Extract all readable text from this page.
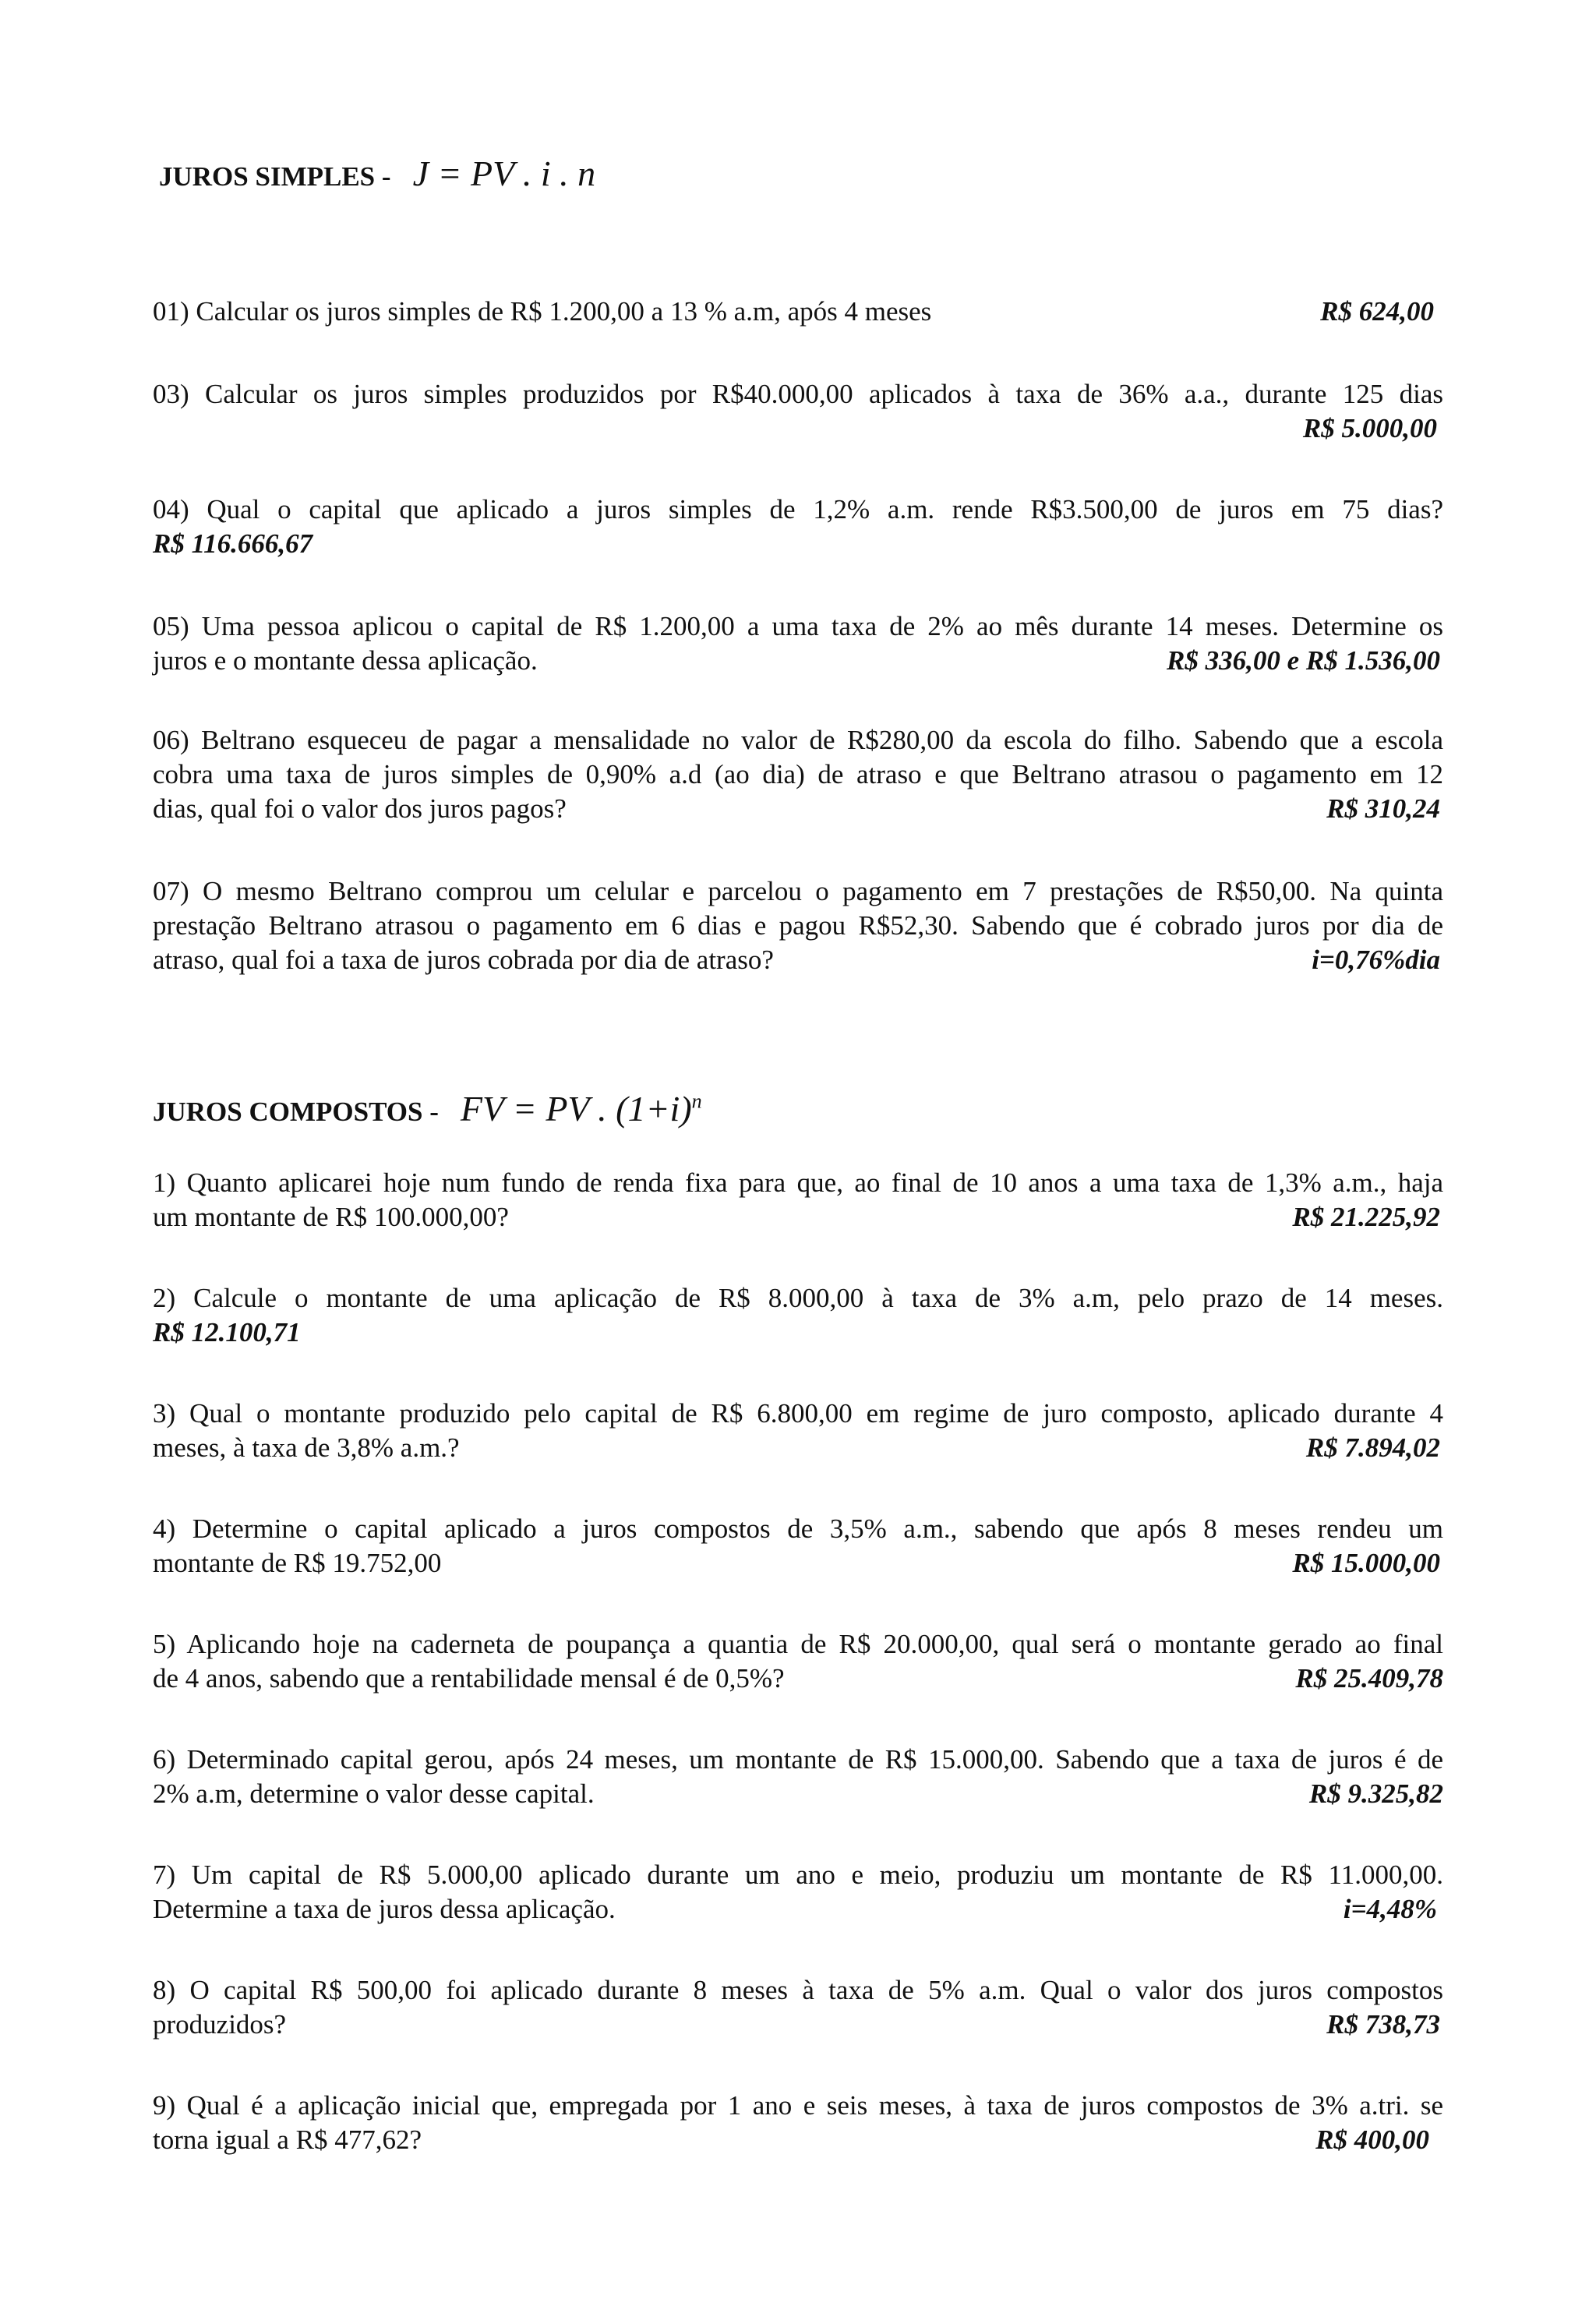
JUROS SIMPLES - J = PV . i . n
01) Calcular os juros simples de R$ 1.200,00 a 13 % a.m, após 4 meses	R$ 624,00
03) Calcular os juros simples produzidos por R$40.000,00 aplicados à taxa de 36% a.a., durante 125 dias
R$ 5.000,00
04) Qual o capital que aplicado a juros simples de 1,2% a.m. rende R$3.500,00 de juros em 75 dias?
R$ 116.666,67
05) Uma pessoa aplicou o capital de R$ 1.200,00 a uma taxa de 2% ao mês durante 14 meses. Determine os
juros e o montante dessa aplicação.	R$ 336,00 e R$ 1.536,00
06) Beltrano esqueceu de pagar a mensalidade no valor de R$280,00 da escola do filho. Sabendo que a escola
cobra uma taxa de juros simples de 0,90% a.d (ao dia) de atraso e que Beltrano atrasou o pagamento em 12
dias, qual foi o valor dos juros pagos?	R$ 310,24
07) O mesmo Beltrano comprou um celular e parcelou o pagamento em 7 prestações de R$50,00. Na quinta
prestação Beltrano atrasou o pagamento em 6 dias e pagou R$52,30. Sabendo que é cobrado juros por dia de
atraso, qual foi a taxa de juros cobrada por dia de atraso?	i=0,76%dia
JUROS COMPOSTOS - FV = PV . $(1+i)^n$
1) Quanto aplicarei hoje num fundo de renda fixa para que, ao final de 10 anos a uma taxa de 1,3% a.m., haja
um montante de R$ 100.000,00?	R$ 21.225,92
2) Calcule o montante de uma aplicação de R$ 8.000,00 à taxa de 3% a.m, pelo prazo de 14 meses.
R$ 12.100,71
3) Qual o montante produzido pelo capital de R$ 6.800,00 em regime de juro composto, aplicado durante 4
meses, à taxa de 3,8% a.m.?	R$ 7.894,02
4) Determine o capital aplicado a juros compostos de 3,5% a.m., sabendo que após 8 meses rendeu um
montante de R$ 19.752,00	R$ 15.000,00
5) Aplicando hoje na caderneta de poupança a quantia de R$ 20.000,00, qual será o montante gerado ao final
de 4 anos, sabendo que a rentabilidade mensal é de 0,5%?	R$ 25.409,78
6) Determinado capital gerou, após 24 meses, um montante de R$ 15.000,00. Sabendo que a taxa de juros é de
2% a.m, determine o valor desse capital.	R$ 9.325,82
7) Um capital de R$ 5.000,00 aplicado durante um ano e meio, produziu um montante de R$ 11.000,00.
Determine a taxa de juros dessa aplicação.	i=4,48%
8) O capital R$ 500,00 foi aplicado durante 8 meses à taxa de 5% a.m. Qual o valor dos juros compostos
produzidos?	R$ 738,73
9) Qual é a aplicação inicial que, empregada por 1 ano e seis meses, à taxa de juros compostos de 3% a.tri. se
torna igual a R$ 477,62?	R$ 400,00
